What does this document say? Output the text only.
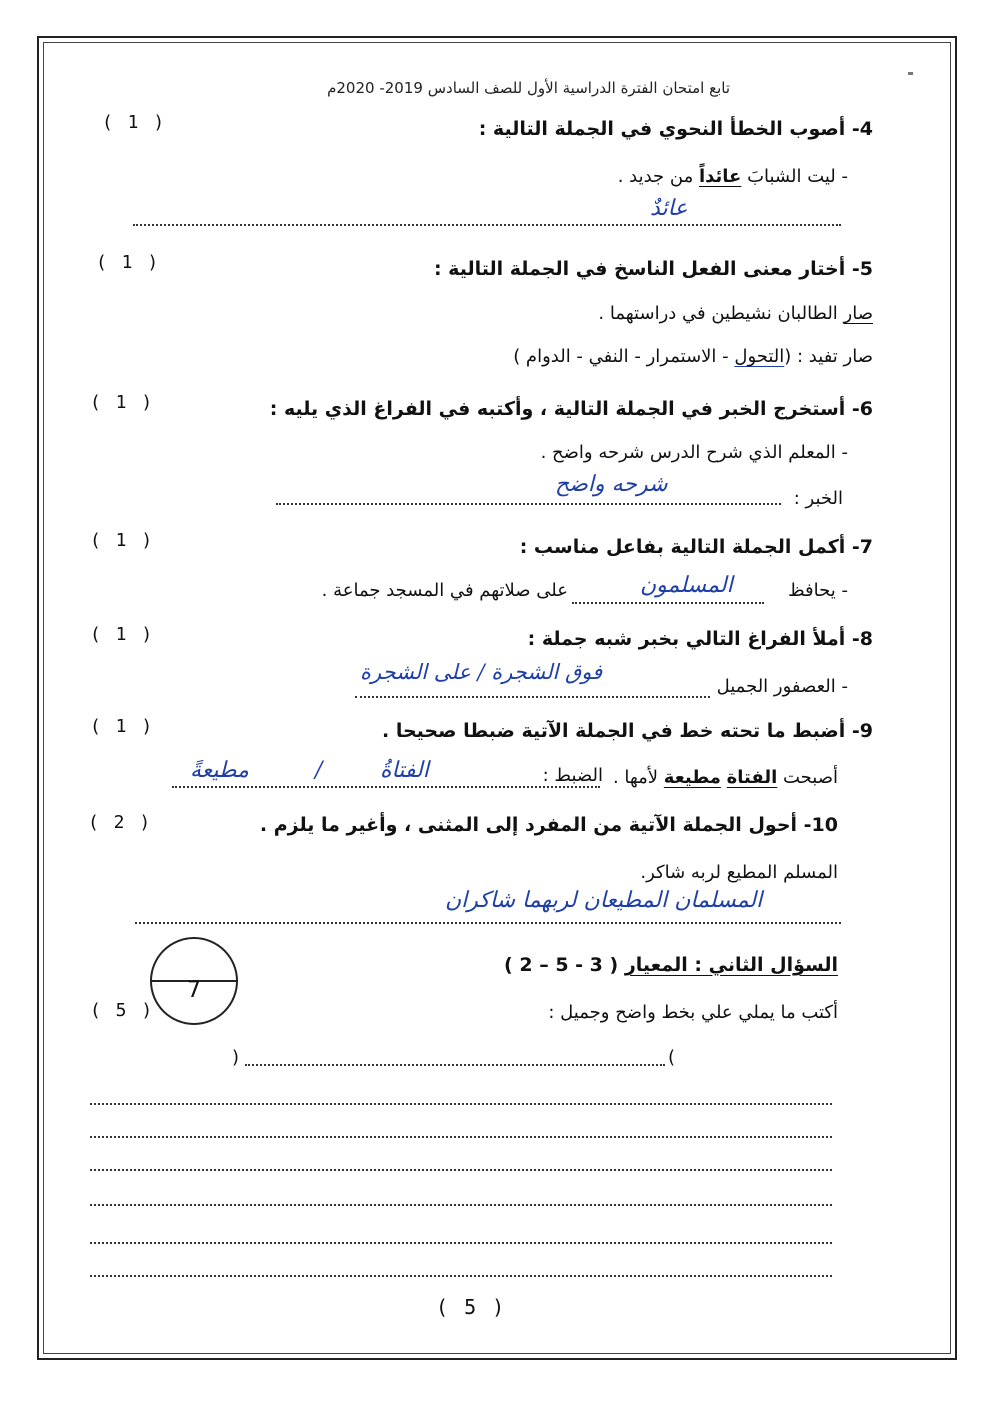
تابع امتحان الفترة الدراسية الأول للصف السادس 2019- 2020م
( 1 )	4- أصوب الخطأ النحوي في الجملة التالية :
- ليت الشبابَ عائداً من جديد .
عائدٌ
( 1 )	5- أختار معنى الفعل الناسخ في الجملة التالية :
صار الطالبان نشيطين في دراستهما .
صار تفيد : (التحول - الاستمرار - النفي - الدوام )
( 1 )	6- أستخرج الخبر في الجملة التالية ، وأكتبه في الفراغ الذي يليه :
- المعلم الذي شرح الدرس شرحه واضح .
الخبر :
شرحه واضح
( 1 )	7- أكمل الجملة التالية بفاعل مناسب :
- يحافظ
على صلاتهم في المسجد جماعة .	المسلمون
( 1 )	8- أملأ الفراغ التالي بخبر شبه جملة :
- العصفور الجميل
فوق الشجرة / على الشجرة
( 1 )	9- أضبط ما تحته خط في الجملة الآتية ضبطا صحيحا .
أصبحت الفتاة مطيعة لأمها .
الضبط :
الفتاةُ
/
مطيعةً
( 2 )	10- أحول الجملة الآتية من المفرد إلى المثنى ، وأغير ما يلزم .
المسلم المطيع لربه شاكر.
المسلمان المطيعان لربهما شاكران
7
السؤال الثاني : المعيار ( 3 - 5 – 2 )
( 5 )	أكتب ما يملي علي بخط واضح وجميل :
(
)
( 5 )
